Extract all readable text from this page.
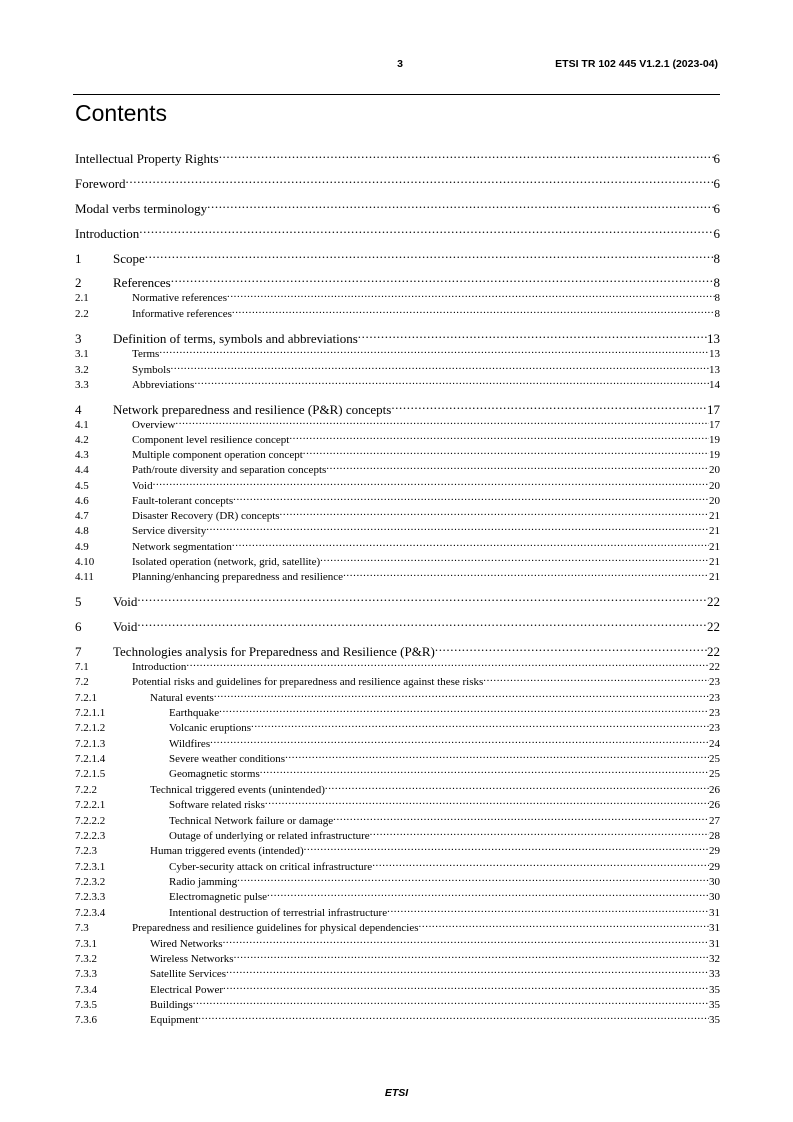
3	ETSI TR 102 445 V1.2.1 (2023-04)
Contents
Intellectual Property Rights .....	6
Foreword .....	6
Modal verbs terminology .....	6
Introduction .....	6
1	Scope .....	8
2	References .....	8
2.1	Normative references .....	8
2.2	Informative references .....	8
3	Definition of terms, symbols and abbreviations .....	13
3.1	Terms .....	13
3.2	Symbols .....	13
3.3	Abbreviations .....	14
4	Network preparedness and resilience (P&R) concepts .....	17
4.1	Overview .....	17
4.2	Component level resilience concept .....	19
4.3	Multiple component operation concept .....	19
4.4	Path/route diversity and separation concepts .....	20
4.5	Void .....	20
4.6	Fault-tolerant concepts .....	20
4.7	Disaster Recovery (DR) concepts .....	21
4.8	Service diversity .....	21
4.9	Network segmentation .....	21
4.10	Isolated operation (network, grid, satellite) .....	21
4.11	Planning/enhancing preparedness and resilience .....	21
5	Void .....	22
6	Void .....	22
7	Technologies analysis for Preparedness and Resilience (P&R) .....	22
7.1	Introduction .....	22
7.2	Potential risks and guidelines for preparedness and resilience against these risks .....	23
7.2.1	Natural events .....	23
7.2.1.1	Earthquake .....	23
7.2.1.2	Volcanic eruptions .....	23
7.2.1.3	Wildfires .....	24
7.2.1.4	Severe weather conditions .....	25
7.2.1.5	Geomagnetic storms .....	25
7.2.2	Technical triggered events (unintended) .....	26
7.2.2.1	Software related risks .....	26
7.2.2.2	Technical Network failure or damage .....	27
7.2.2.3	Outage of underlying or related infrastructure .....	28
7.2.3	Human triggered events (intended) .....	29
7.2.3.1	Cyber-security attack on critical infrastructure .....	29
7.2.3.2	Radio jamming .....	30
7.2.3.3	Electromagnetic pulse .....	30
7.2.3.4	Intentional destruction of terrestrial infrastructure .....	31
7.3	Preparedness and resilience guidelines for physical dependencies .....	31
7.3.1	Wired Networks .....	31
7.3.2	Wireless Networks .....	32
7.3.3	Satellite Services .....	33
7.3.4	Electrical Power .....	35
7.3.5	Buildings .....	35
7.3.6	Equipment .....	35
ETSI
